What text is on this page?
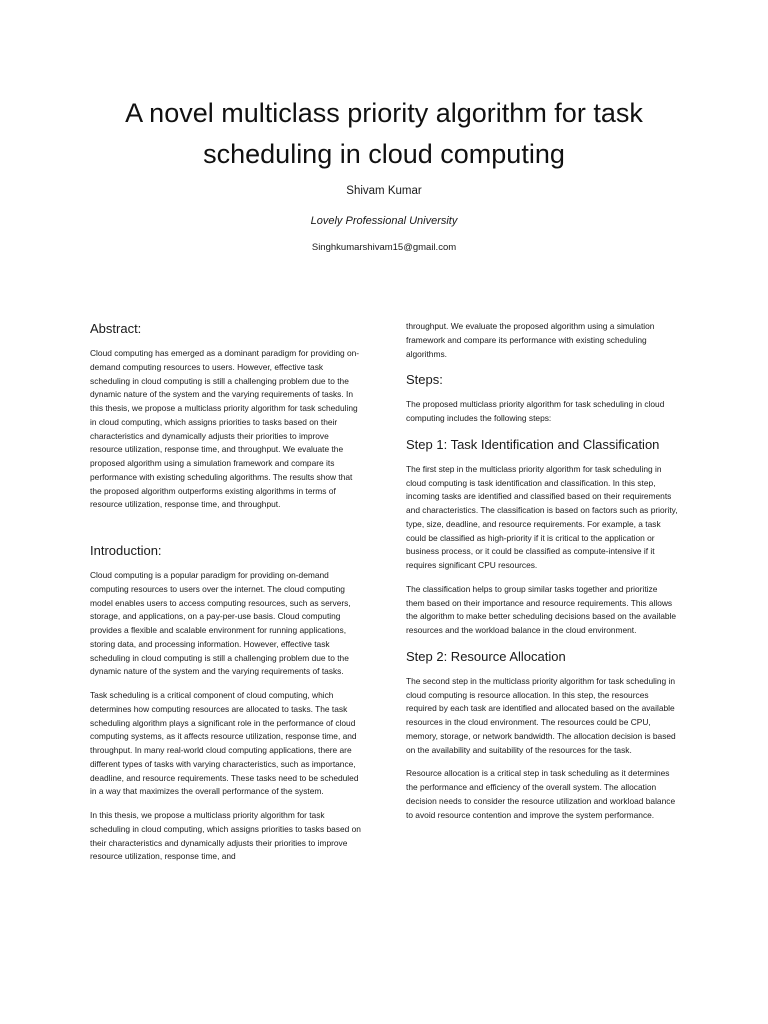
A novel multiclass priority algorithm for task
scheduling in cloud computing

Shivam Kumar

Lovely Professional University

Singhkumarshivam15@gmail.com

Abstract:

Cloud computing has emerged as a dominant paradigm for providing on-demand computing resources to users. However, effective task scheduling in cloud computing is still a challenging problem due to the dynamic nature of the system and the varying requirements of tasks. In this thesis, we propose a multiclass priority algorithm for task scheduling in cloud computing, which assigns priorities to tasks based on their characteristics and dynamically adjusts their priorities to improve resource utilization, response time, and throughput. We evaluate the proposed algorithm using a simulation framework and compare its performance with existing scheduling algorithms. The results show that the proposed algorithm outperforms existing algorithms in terms of resource utilization, response time, and throughput.

Introduction:

Cloud computing is a popular paradigm for providing on-demand computing resources to users over the internet. The cloud computing model enables users to access computing resources, such as servers, storage, and applications, on a pay-per-use basis. Cloud computing provides a flexible and scalable environment for running applications, storing data, and processing information. However, effective task scheduling in cloud computing is still a challenging problem due to the dynamic nature of the system and the varying requirements of tasks.

Task scheduling is a critical component of cloud computing, which determines how computing resources are allocated to tasks. The task scheduling algorithm plays a significant role in the performance of cloud computing systems, as it affects resource utilization, response time, and throughput. In many real-world cloud computing applications, there are different types of tasks with varying characteristics, such as importance, deadline, and resource requirements. These tasks need to be scheduled in a way that maximizes the overall performance of the system.

In this thesis, we propose a multiclass priority algorithm for task scheduling in cloud computing, which assigns priorities to tasks based on their characteristics and dynamically adjusts their priorities to improve resource utilization, response time, and

throughput. We evaluate the proposed algorithm using a simulation framework and compare its performance with existing scheduling algorithms.

Steps:

The proposed multiclass priority algorithm for task scheduling in cloud computing includes the following steps:

Step 1: Task Identification and Classification

The first step in the multiclass priority algorithm for task scheduling in cloud computing is task identification and classification. In this step, incoming tasks are identified and classified based on their requirements and characteristics. The classification is based on factors such as priority, type, size, deadline, and resource requirements. For example, a task could be classified as high-priority if it is critical to the application or business process, or it could be classified as compute-intensive if it requires significant CPU resources.

The classification helps to group similar tasks together and prioritize them based on their importance and resource requirements. This allows the algorithm to make better scheduling decisions based on the available resources and the workload balance in the cloud environment.

Step 2: Resource Allocation

The second step in the multiclass priority algorithm for task scheduling in cloud computing is resource allocation. In this step, the resources required by each task are identified and allocated based on the available resources in the cloud environment. The resources could be CPU, memory, storage, or network bandwidth. The allocation decision is based on the availability and suitability of the resources for the task.

Resource allocation is a critical step in task scheduling as it determines the performance and efficiency of the overall system. The allocation decision needs to consider the resource utilization and workload balance to avoid resource contention and improve the system performance.
